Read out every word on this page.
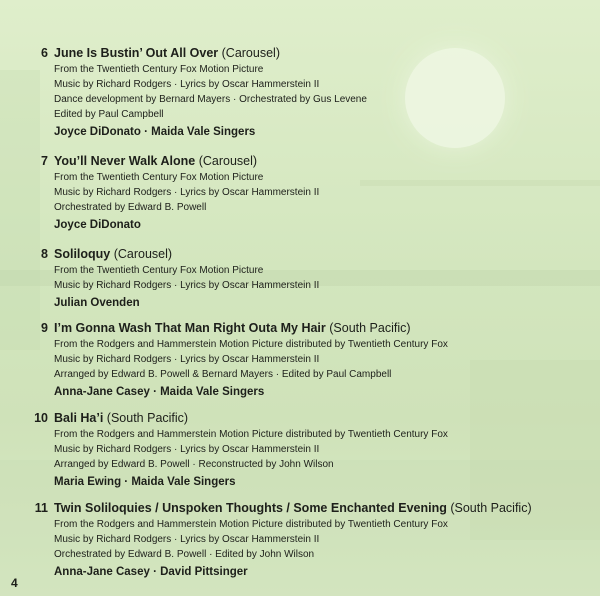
6 June Is Bustin’ Out All Over (Carousel)
From the Twentieth Century Fox Motion Picture
Music by Richard Rodgers · Lyrics by Oscar Hammerstein II
Dance development by Bernard Mayers · Orchestrated by Gus Levene
Edited by Paul Campbell
Joyce DiDonato · Maida Vale Singers
7 You’ll Never Walk Alone (Carousel)
From the Twentieth Century Fox Motion Picture
Music by Richard Rodgers · Lyrics by Oscar Hammerstein II
Orchestrated by Edward B. Powell
Joyce DiDonato
8 Soliloquy (Carousel)
From the Twentieth Century Fox Motion Picture
Music by Richard Rodgers · Lyrics by Oscar Hammerstein II
Julian Ovenden
9 I’m Gonna Wash That Man Right Outa My Hair (South Pacific)
From the Rodgers and Hammerstein Motion Picture distributed by Twentieth Century Fox
Music by Richard Rodgers · Lyrics by Oscar Hammerstein II
Arranged by Edward B. Powell & Bernard Mayers · Edited by Paul Campbell
Anna-Jane Casey · Maida Vale Singers
10 Bali Ha’i (South Pacific)
From the Rodgers and Hammerstein Motion Picture distributed by Twentieth Century Fox
Music by Richard Rodgers · Lyrics by Oscar Hammerstein II
Arranged by Edward B. Powell · Reconstructed by John Wilson
Maria Ewing · Maida Vale Singers
11 Twin Soliloquies / Unspoken Thoughts / Some Enchanted Evening (South Pacific)
From the Rodgers and Hammerstein Motion Picture distributed by Twentieth Century Fox
Music by Richard Rodgers · Lyrics by Oscar Hammerstein II
Orchestrated by Edward B. Powell · Edited by John Wilson
Anna-Jane Casey · David Pittsinger
4
